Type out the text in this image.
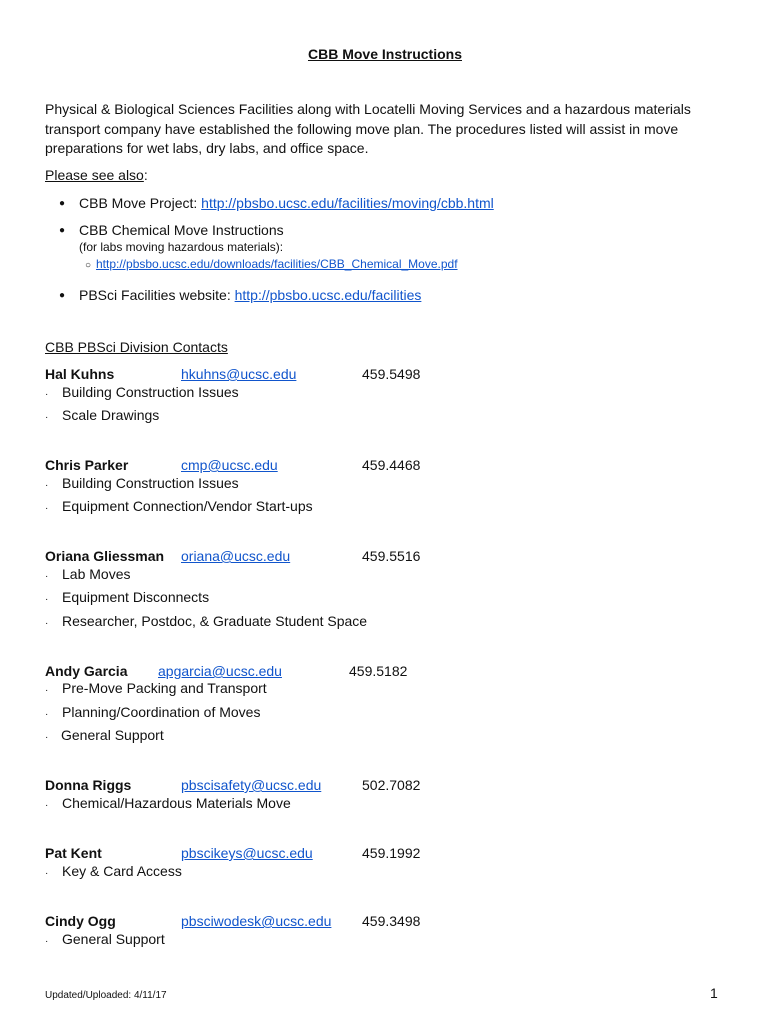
CBB Move Instructions
Physical & Biological Sciences Facilities along with Locatelli Moving Services and a hazardous materials transport company have established the following move plan. The procedures listed will assist in move preparations for wet labs, dry labs, and office space.
Please see also:
● CBB Move Project: http://pbsbo.ucsc.edu/facilities/moving/cbb.html
● CBB Chemical Move Instructions
(for labs moving hazardous materials):
○ http://pbsbo.ucsc.edu/downloads/facilities/CBB_Chemical_Move.pdf
● PBSci Facilities website: http://pbsbo.ucsc.edu/facilities
CBB PBSci Division Contacts
Hal Kuhns	hkuhns@ucsc.edu	459.5498
· Building Construction Issues
· Scale Drawings
Chris Parker	cmp@ucsc.edu	459.4468
· Building Construction Issues
· Equipment Connection/Vendor Start-ups
Oriana Gliessman oriana@ucsc.edu	459.5516
· Lab Moves
· Equipment Disconnects
· Researcher, Postdoc, & Graduate Student Space
Andy Garcia apgarcia@ucsc.edu	459.5182
· Pre-Move Packing and Transport
· Planning/Coordination of Moves
· General Support
Donna Riggs	pbscisafety@ucsc.edu	502.7082
· Chemical/Hazardous Materials Move
Pat Kent	pbscikeys@ucsc.edu	459.1992
· Key & Card Access
Cindy Ogg	pbsciwodesk@ucsc.edu 459.3498
· General Support
Updated/Uploaded: 4/11/17	1
